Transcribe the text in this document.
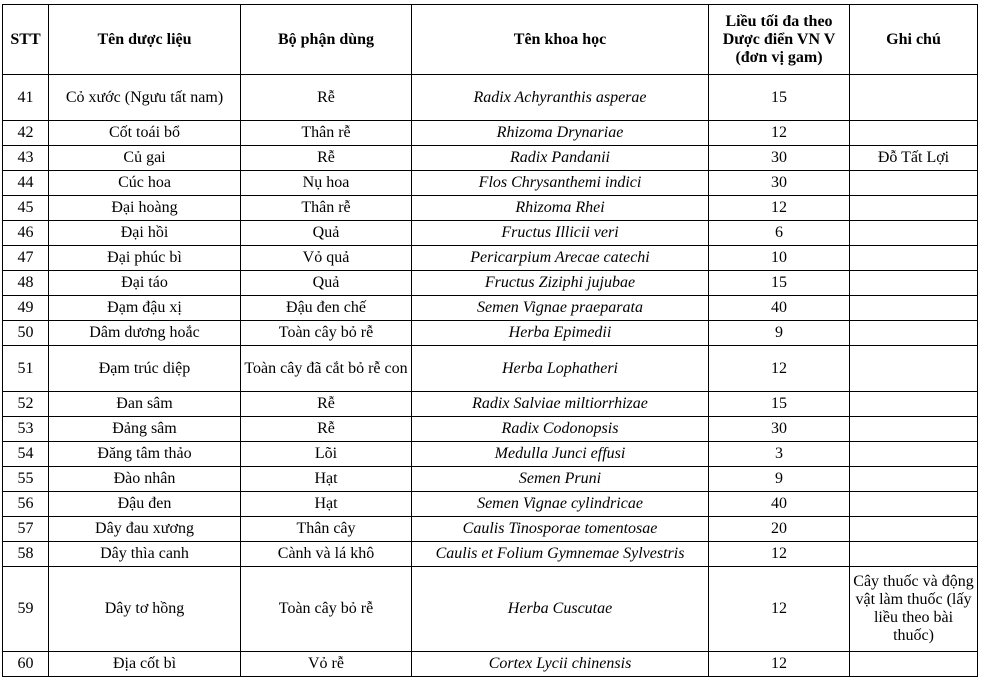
STT	Tên dược liệu	Bộ phận dùng	Tên khoa học	Liều tối đa theo Dược điển VN V (đơn vị gam)	Ghi chú
41	Cỏ xước (Ngưu tất nam)	Rễ	Radix Achyranthis asperae	15	
42	Cốt toái bổ	Thân rễ	Rhizoma Drynariae	12	
43	Củ gai	Rễ	Radix Pandanii	30	Đỗ Tất Lợi
44	Cúc hoa	Nụ hoa	Flos Chrysanthemi indici	30	
45	Đại hoàng	Thân rễ	Rhizoma Rhei	12	
46	Đại hồi	Quả	Fructus Illicii veri	6	
47	Đại phúc bì	Vỏ quả	Pericarpium Arecae catechi	10	
48	Đại táo	Quả	Fructus Ziziphi jujubae	15	
49	Đạm đậu xị	Đậu đen chế	Semen Vignae praeparata	40	
50	Dâm dương hoắc	Toàn cây bỏ rễ	Herba Epimedii	9	
51	Đạm trúc diệp	Toàn cây đã cắt bỏ rễ con	Herba Lophatheri	12	
52	Đan sâm	Rễ	Radix Salviae miltiorrhizae	15	
53	Đảng sâm	Rễ	Radix Codonopsis	30	
54	Đăng tâm thảo	Lõi	Medulla Junci effusi	3	
55	Đào nhân	Hạt	Semen Pruni	9	
56	Đậu đen	Hạt	Semen Vignae cylindricae	40	
57	Dây đau xương	Thân cây	Caulis Tinosporae tomentosae	20	
58	Dây thìa canh	Cành và lá khô	Caulis et Folium Gymnemae Sylvestris	12	
59	Dây tơ hồng	Toàn cây bỏ rễ	Herba Cuscutae	12	Cây thuốc và động vật làm thuốc (lấy liều theo bài thuốc)
60	Địa cốt bì	Vỏ rễ	Cortex Lycii chinensis	12	
